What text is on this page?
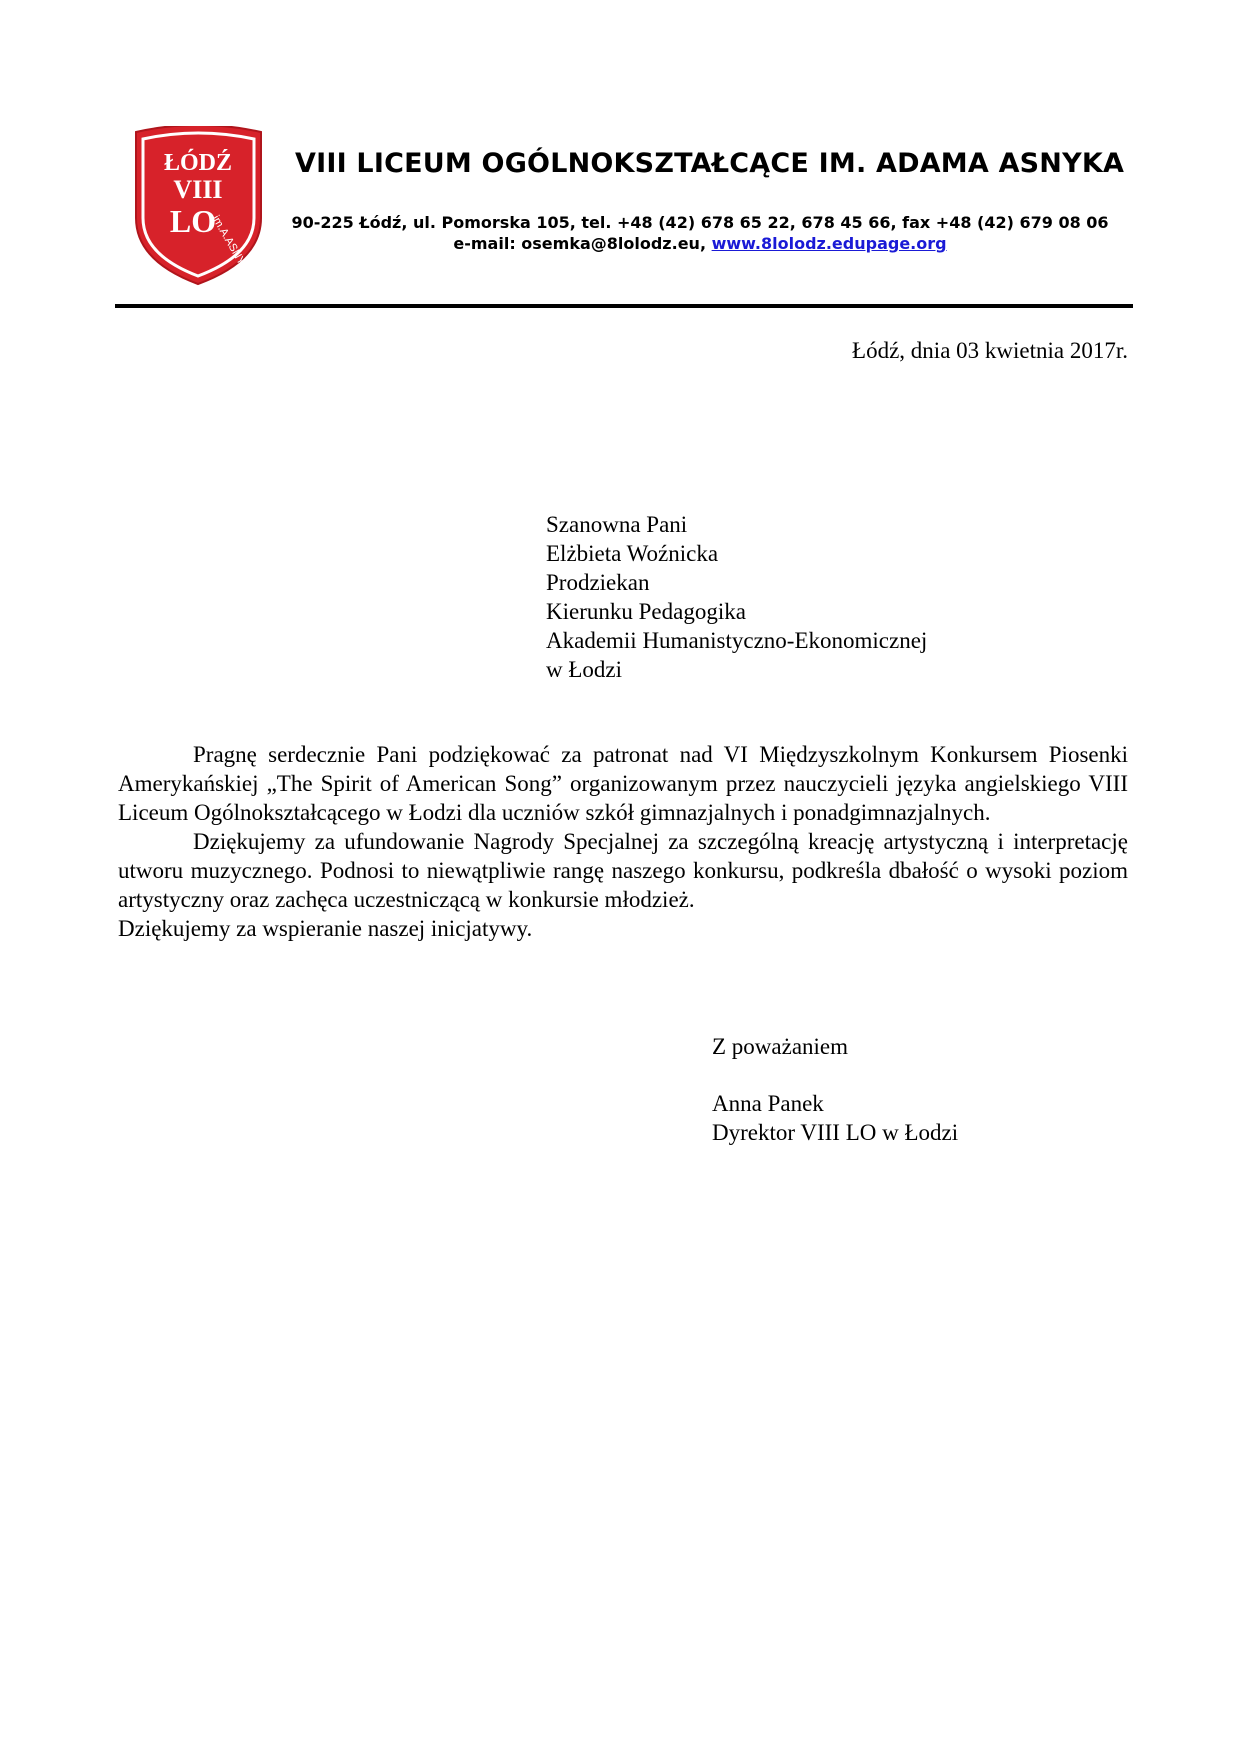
ŁÓDŹ
VIII
LO
im.A.ASNYKA
VIII LICEUM OGÓLNOKSZTAŁCĄCE IM. ADAMA ASNYKA
90-225 Łódź, ul. Pomorska 105, tel. +48 (42) 678 65 22, 678 45 66, fax +48 (42) 679 08 06
e-mail: osemka@8lolodz.eu, www.8lolodz.edupage.org
Łódź, dnia 03 kwietnia 2017r.
Szanowna Pani
Elżbieta Woźnicka
Prodziekan
Kierunku Pedagogika
Akademii Humanistyczno-Ekonomicznej
w Łodzi

Pragnę serdecznie Pani podziękować za patronat nad VI Międzyszkolnym Konkursem Piosenki Amerykańskiej „The Spirit of American Song” organizowanym przez nauczycieli języka angielskiego VIII Liceum Ogólnokształcącego w Łodzi dla uczniów szkół gimnazjalnych i ponadgimnazjalnych.

Dziękujemy za ufundowanie Nagrody Specjalnej za szczególną kreację artystyczną i interpretację utworu muzycznego. Podnosi to niewątpliwie rangę naszego konkursu, podkreśla dbałość o wysoki poziom artystyczny oraz zachęca uczestniczącą w konkursie młodzież.

Dziękujemy za wspieranie naszej inicjatywy.

Z poważaniem
Anna Panek
Dyrektor VIII LO w Łodzi
